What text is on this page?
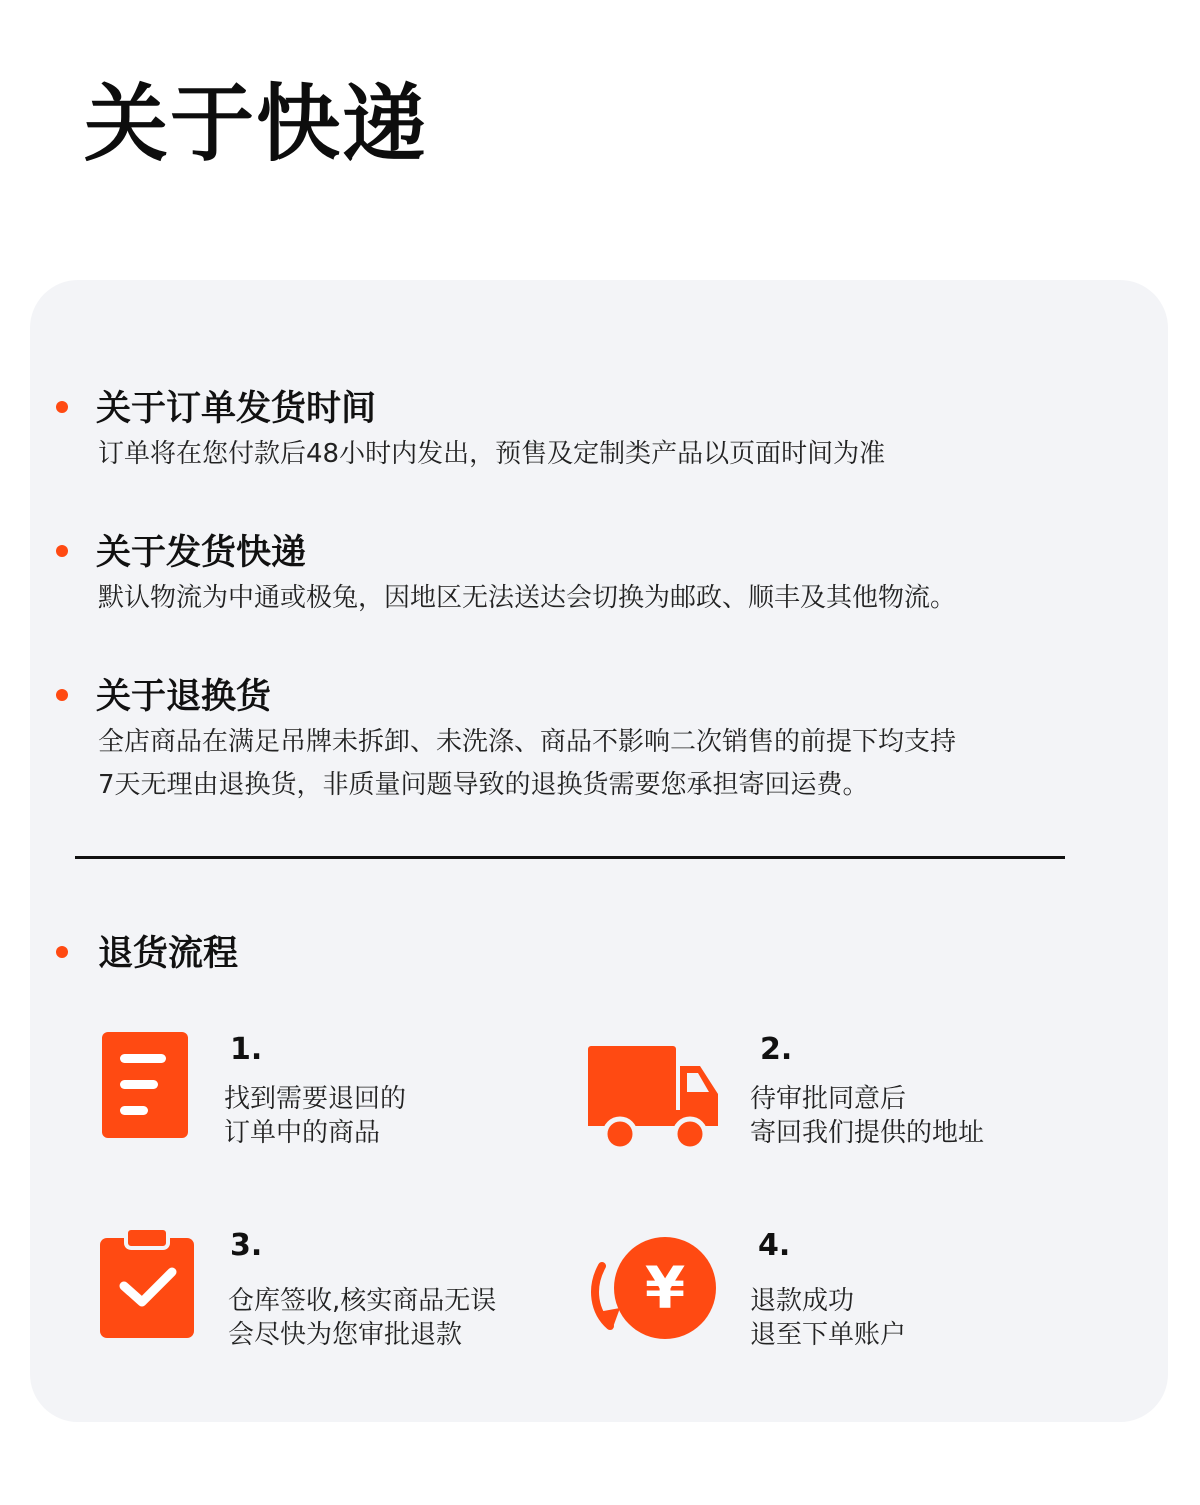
关于快递
关于订单发货时间
订单将在您付款后48小时内发出，预售及定制类产品以页面时间为准
关于发货快递
默认物流为中通或极兔，因地区无法送达会切换为邮政、顺丰及其他物流。
关于退换货
全店商品在满足吊牌未拆卸、未洗涤、商品不影响二次销售的前提下均支持
7天无理由退换货，非质量问题导致的退换货需要您承担寄回运费。
退货流程
1.
找到需要退回的
订单中的商品
2.
待审批同意后
寄回我们提供的地址
3.
仓库签收,核实商品无误
会尽快为您审批退款
¥
4.
退款成功
退至下单账户
